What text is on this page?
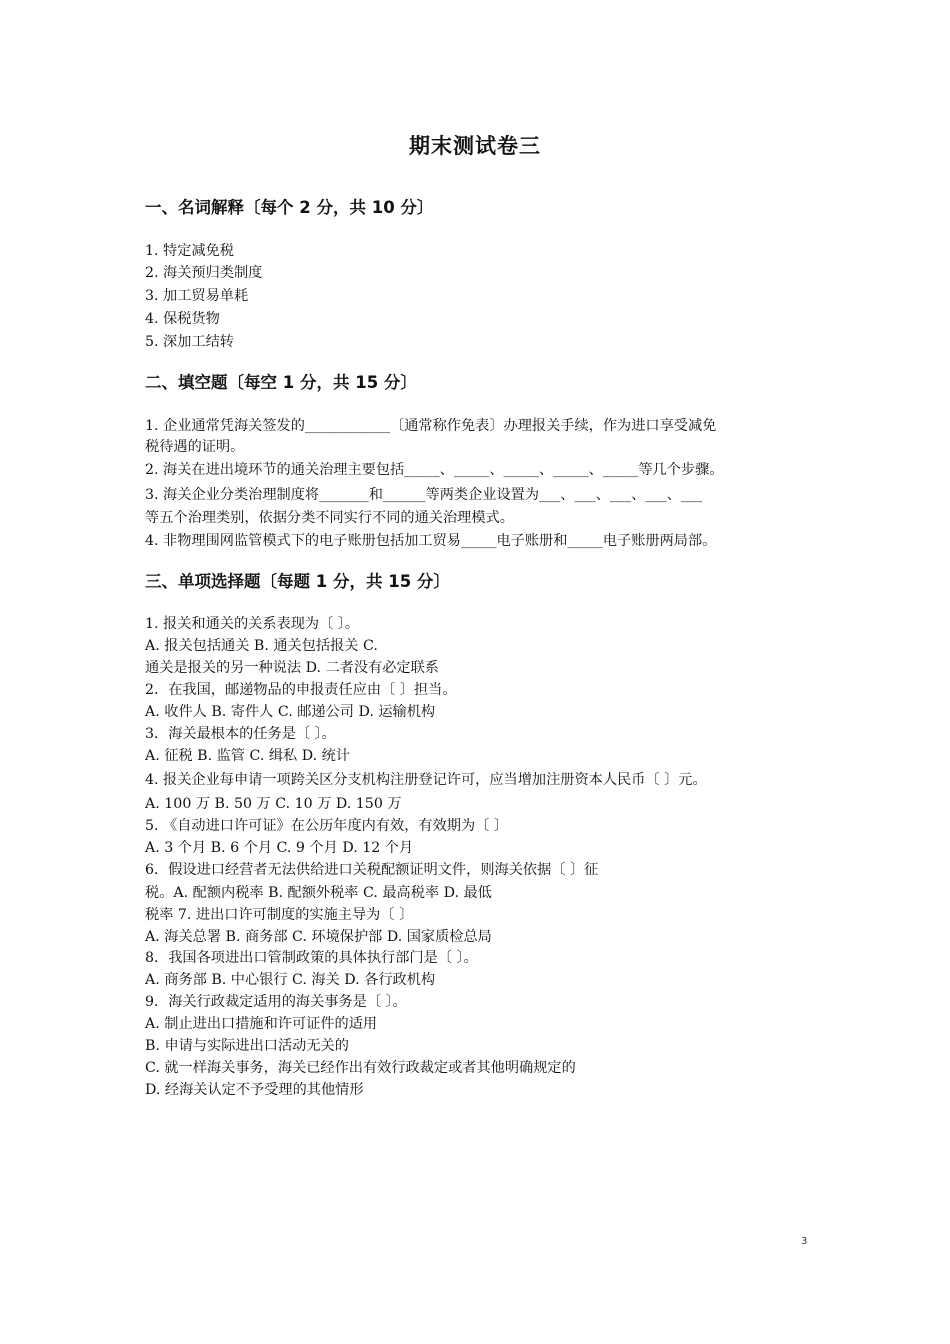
期末测试卷三
一、名词解释〔每个 2 分，共 10 分〕
1. 特定减免税
2. 海关预归类制度
3. 加工贸易单耗
4. 保税货物
5. 深加工结转
二、填空题〔每空 1 分，共 15 分〕
1. 企业通常凭海关签发的____________〔通常称作免表〕办理报关手续，作为进口享受减免
税待遇的证明。
2. 海关在进出境环节的通关治理主要包括_____、_____、_____、_____、_____等几个步骤。
3. 海关企业分类治理制度将_______和______等两类企业设置为___、___、___、___、___
等五个治理类别，依据分类不同实行不同的通关治理模式。
4. 非物理围网监管模式下的电子账册包括加工贸易_____电子账册和_____电子账册两局部。
三、单项选择题〔每题 1 分，共 15 分〕
1. 报关和通关的关系表现为〔 〕。
A. 报关包括通关 B. 通关包括报关 C.
通关是报关的另一种说法 D. 二者没有必定联系
2．在我国，邮递物品的申报责任应由〔 〕担当。
A. 收件人 B. 寄件人 C. 邮递公司 D. 运输机构
3．海关最根本的任务是〔 〕。
A. 征税 B. 监管 C. 缉私 D. 统计
4. 报关企业每申请一项跨关区分支机构注册登记许可，应当增加注册资本人民币〔 〕元。
A. 100 万 B. 50 万 C. 10 万 D. 150 万
5. 《自动进口许可证》在公历年度内有效，有效期为〔 〕
A. 3 个月 B. 6 个月 C. 9 个月 D. 12 个月
6．假设进口经营者无法供给进口关税配额证明文件，则海关依据〔 〕征
税。A. 配额内税率 B. 配额外税率 C. 最高税率 D. 最低
税率 7. 进出口许可制度的实施主导为〔 〕
A. 海关总署 B. 商务部 C. 环境保护部 D. 国家质检总局
8．我国各项进出口管制政策的具体执行部门是〔 〕。
A. 商务部 B. 中心银行 C. 海关 D. 各行政机构
9．海关行政裁定适用的海关事务是〔 〕。
A. 制止进出口措施和许可证件的适用
B. 申请与实际进出口活动无关的
C. 就一样海关事务，海关已经作出有效行政裁定或者其他明确规定的
D. 经海关认定不予受理的其他情形
3
